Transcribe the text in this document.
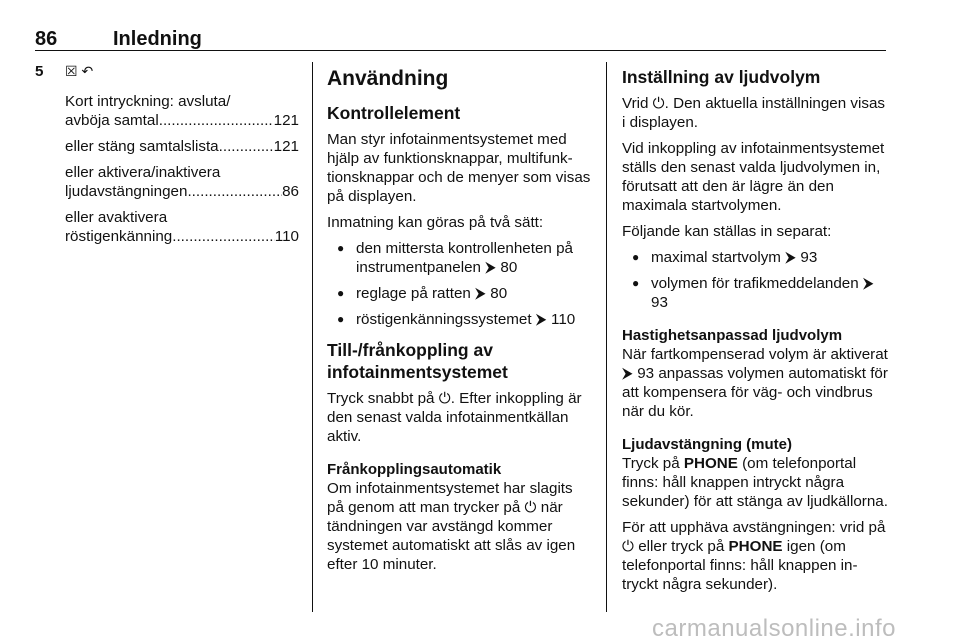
86	Inledning
5 ☒ ↶
Kort intryckning: avsluta/
avböja samtal .....	121
eller stäng samtalslista .....	121
eller aktivera/inaktivera
ljudavstängningen .....	86
eller avaktivera
röstigenkänning .....	110
Användning
Kontrollelement

Man styr infotainmentsystemet med hjälp av funktionsknappar, multifunktionsknappar och de menyer som visas på displayen.

Inmatning kan göras på två sätt:

● den mittersta kontrollenheten på instrumentpanelen ⮞ 80
● reglage på ratten ⮞ 80
● röstigenkänningssystemet ⮞ 110
Till-/frånkoppling av infotainmentsystemet

Tryck snabbt på ⏻. Efter inkoppling är den senast valda infotainmentkällan aktiv.

Frånkopplingsautomatik

Om infotainmentsystemet har slagits på genom att man trycker på ⏻ när tändningen var avstängd kommer systemet automatiskt att slås av igen efter 10 minuter.

Inställning av ljudvolym

Vrid ⏻. Den aktuella inställningen visas i displayen.

Vid inkoppling av infotainmentsystemet ställs den senast valda ljudvolymen in, förutsatt att den är lägre än den maximala startvolymen.

Följande kan ställas in separat:

● maximal startvolym ⮞ 93
● volymen för trafikmeddelanden ⮞ 93
Hastighetsanpassad ljudvolym

När fartkompenserad volym är aktiverat ⮞ 93 anpassas volymen automatiskt för att kompensera för väg- och vindbrus när du kör.

Ljudavstängning (mute)

Tryck på PHONE (om telefonportal finns: håll knappen intryckt några sekunder) för att stänga av ljudkällorna.

För att upphäva avstängningen: vrid på ⏻ eller tryck på PHONE igen (om telefonportal finns: håll knappen intryckt några sekunder).

carmanualsonline.info
